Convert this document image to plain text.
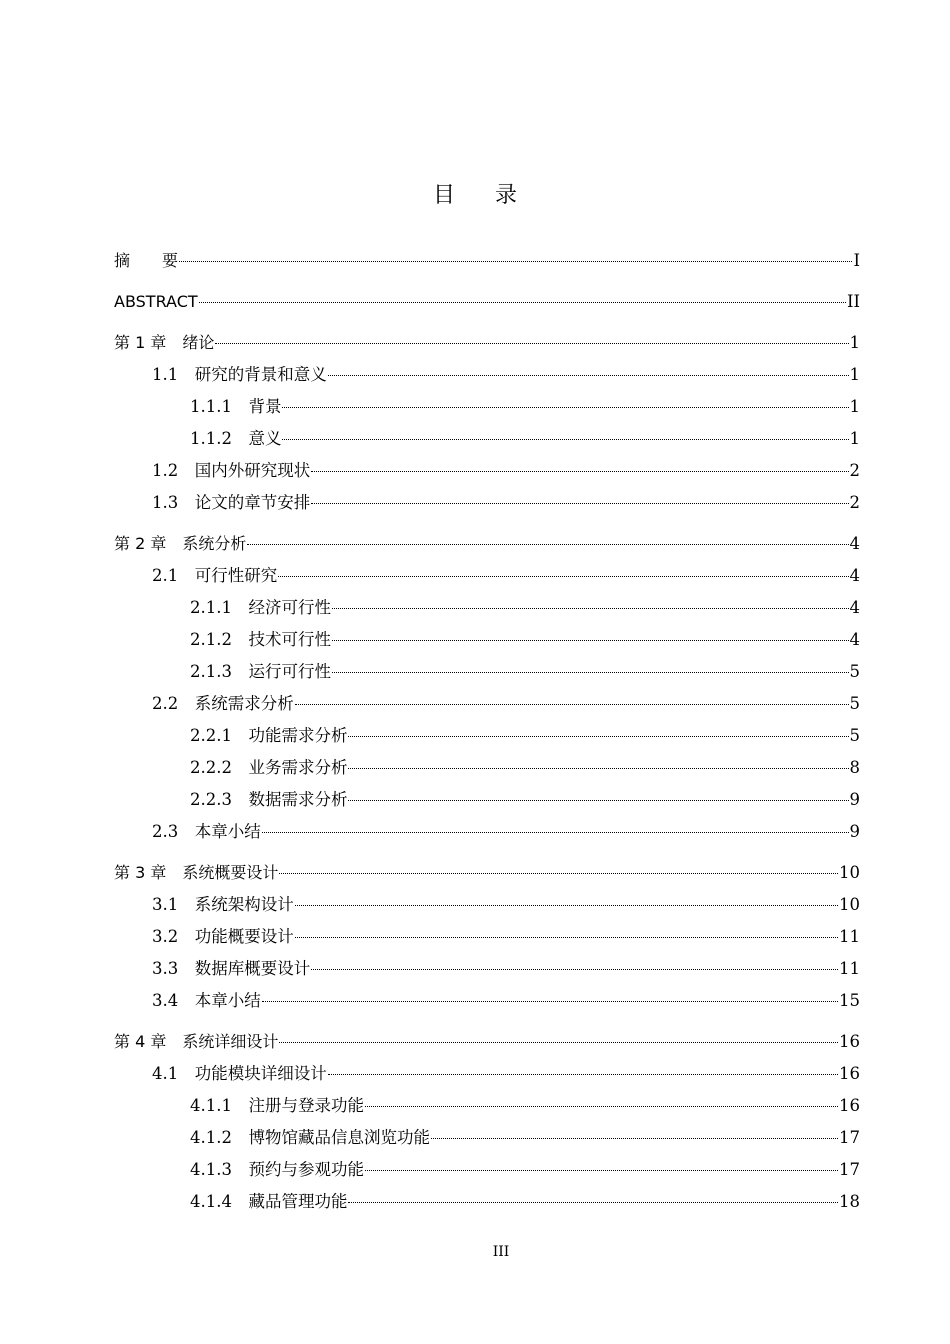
目录
摘　　要	I
ABSTRACT	II
第 1 章　 绪论	1
1.1　 研究的背景和意义	1
1.1.1　 背景	1
1.1.2　 意义	1
1.2　 国内外研究现状	2
1.3　 论文的章节安排	2
第 2 章　 系统分析	4
2.1　 可行性研究	4
2.1.1　 经济可行性	4
2.1.2　 技术可行性	4
2.1.3　 运行可行性	5
2.2　 系统需求分析	5
2.2.1　 功能需求分析	5
2.2.2　 业务需求分析	8
2.2.3　 数据需求分析	9
2.3　 本章小结	9
第 3 章　 系统概要设计	10
3.1　 系统架构设计	10
3.2　 功能概要设计	11
3.3　 数据库概要设计	11
3.4　 本章小结	15
第 4 章　 系统详细设计	16
4.1　 功能模块详细设计	16
4.1.1　 注册与登录功能	16
4.1.2　 博物馆藏品信息浏览功能	17
4.1.3　 预约与参观功能	17
4.1.4　 藏品管理功能	18
III
